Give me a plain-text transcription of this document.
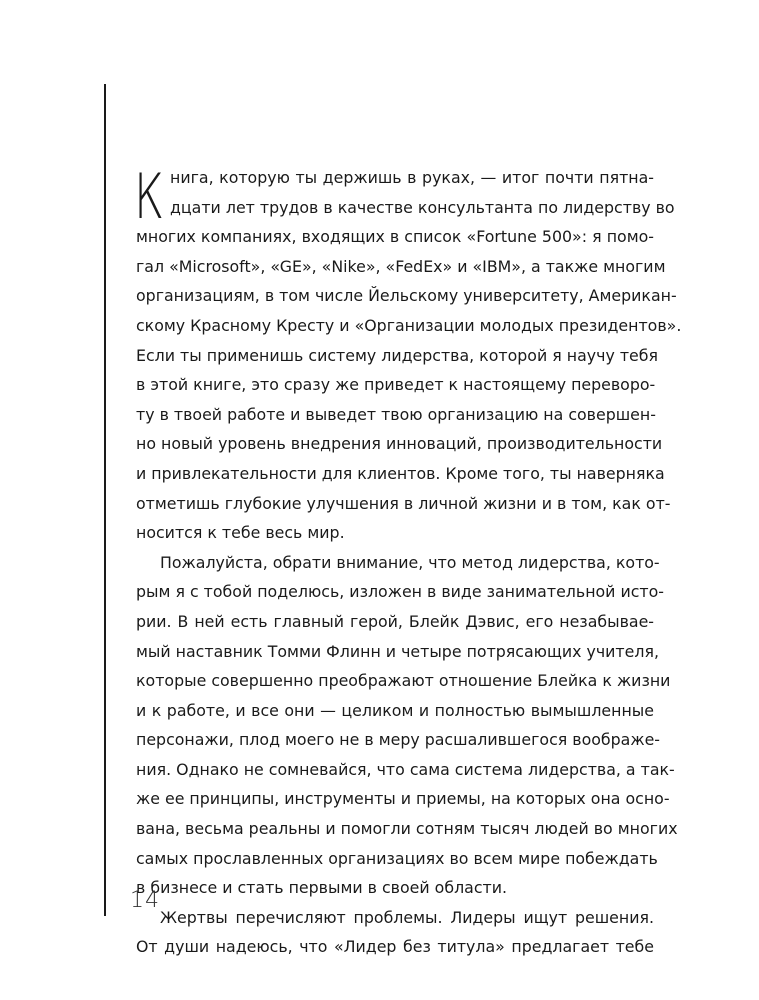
К нига, которую ты держишь в руках, — итог почти пятна-
дцати лет трудов в качестве консультанта по лидерству во
многих компаниях, входящих в список «Fortune 500»: я помо-
гал «Microsoft», «GE», «Nike», «FedEx» и «IBM», а также многим
организациям, в том числе Йельскому университету, Американ-
скому Красному Кресту и «Организации молодых президентов».
Если ты применишь систему лидерства, которой я научу тебя
в этой книге, это сразу же приведет к настоящему переворо-
ту в твоей работе и выведет твою организацию на совершен-
но новый уровень внедрения инноваций, производительности
и привлекательности для клиентов. Кроме того, ты наверняка
отметишь глубокие улучшения в личной жизни и в том, как от-
носится к тебе весь мир.
Пожалуйста, обрати внимание, что метод лидерства, кото-
рым я с тобой поделюсь, изложен в виде занимательной исто-
рии. В ней есть главный герой, Блейк Дэвис, его незабывае-
мый наставник Томми Флинн и четыре потрясающих учителя,
которые совершенно преображают отношение Блейка к жизни
и к работе, и все они — целиком и полностью вымышленные
персонажи, плод моего не в меру расшалившегося воображе-
ния. Однако не сомневайся, что сама система лидерства, а так-
же ее принципы, инструменты и приемы, на которых она осно-
вана, весьма реальны и помогли сотням тысяч людей во многих
самых прославленных организациях во всем мире побеждать
в бизнесе и стать первыми в своей области.
Жертвы перечисляют проблемы. Лидеры ищут решения.
От души надеюсь, что «Лидер без титула» предлагает тебе
14
